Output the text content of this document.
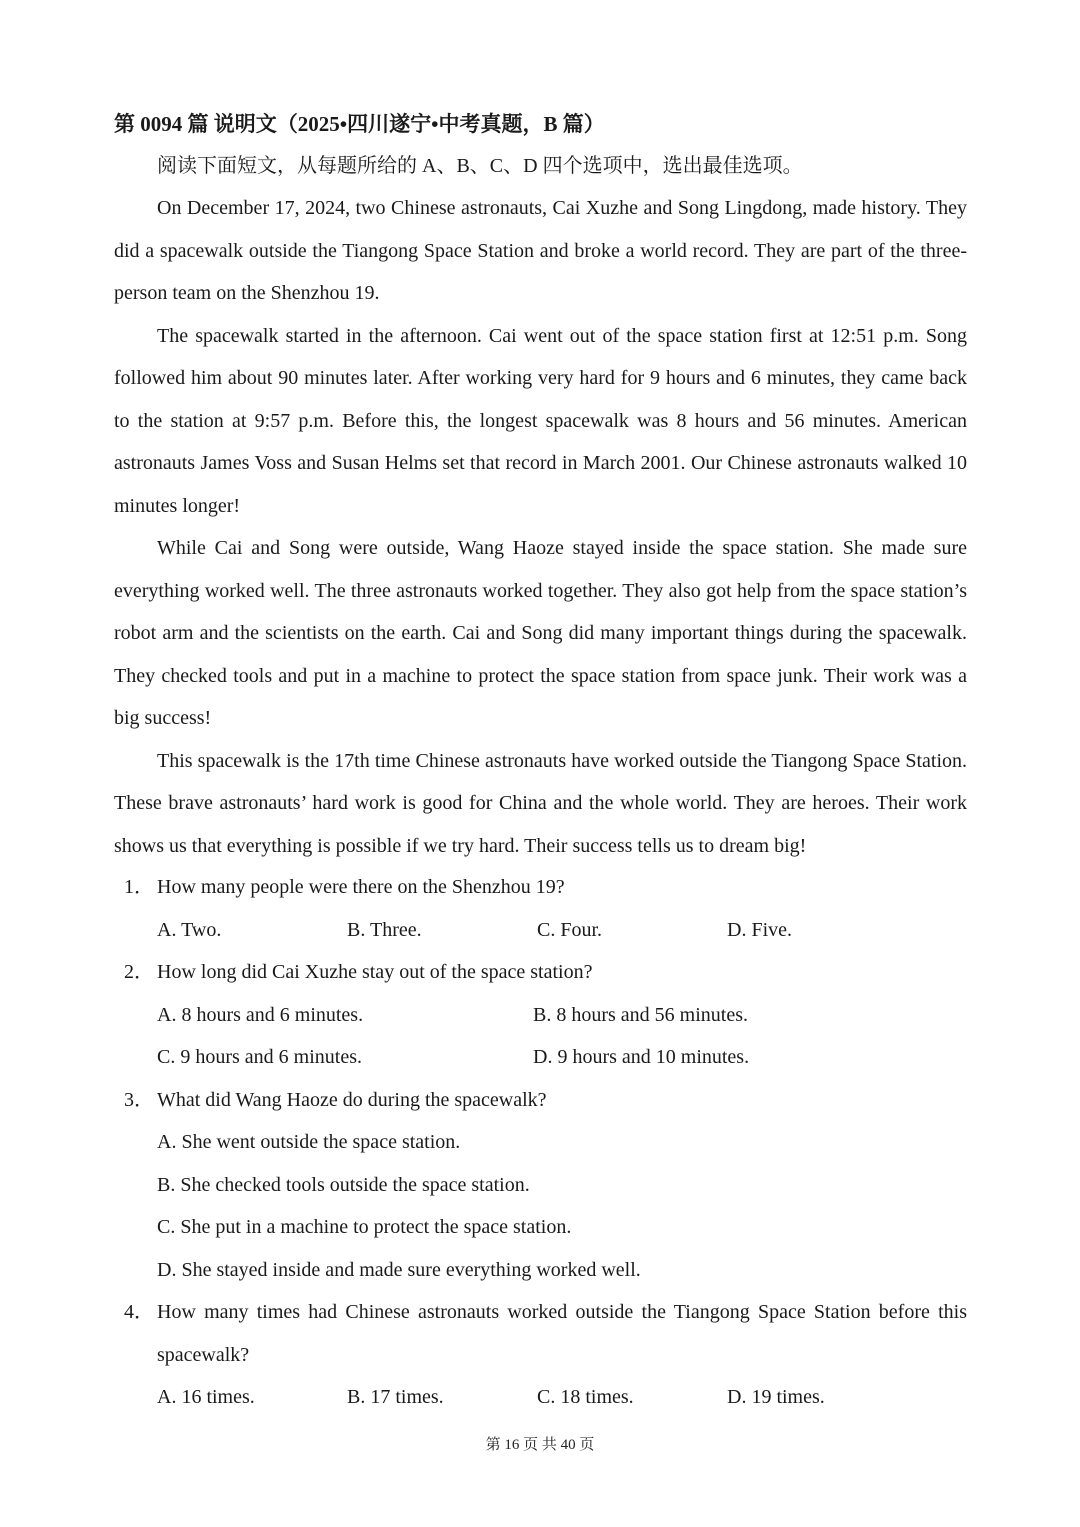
第 0094 篇 说明文（2025•四川遂宁•中考真题，B 篇）
阅读下面短文，从每题所给的 A、B、C、D 四个选项中，选出最佳选项。

On December 17, 2024, two Chinese astronauts, Cai Xuzhe and Song Lingdong, made history. They did a spacewalk outside the Tiangong Space Station and broke a world record. They are part of the three-person team on the Shenzhou 19.

The spacewalk started in the afternoon. Cai went out of the space station first at 12:51 p.m. Song followed him about 90 minutes later. After working very hard for 9 hours and 6 minutes, they came back to the station at 9:57 p.m. Before this, the longest spacewalk was 8 hours and 56 minutes. American astronauts James Voss and Susan Helms set that record in March 2001. Our Chinese astronauts walked 10 minutes longer!

While Cai and Song were outside, Wang Haoze stayed inside the space station. She made sure everything worked well. The three astronauts worked together. They also got help from the space station’s robot arm and the scientists on the earth. Cai and Song did many important things during the spacewalk. They checked tools and put in a machine to protect the space station from space junk. Their work was a big success!

This spacewalk is the 17th time Chinese astronauts have worked outside the Tiangong Space Station. These brave astronauts’ hard work is good for China and the whole world. They are heroes. Their work shows us that everything is possible if we try hard. Their success tells us to dream big!

1． How many people were there on the Shenzhou 19?
A. Two.	B. Three.	C. Four.	D. Five.
2． How long did Cai Xuzhe stay out of the space station?
A. 8 hours and 6 minutes.	B. 8 hours and 56 minutes.
C. 9 hours and 6 minutes.	D. 9 hours and 10 minutes.
3． What did Wang Haoze do during the spacewalk?
A. She went outside the space station.
B. She checked tools outside the space station.
C. She put in a machine to protect the space station.
D. She stayed inside and made sure everything worked well.
4． How many times had Chinese astronauts worked outside the Tiangong Space Station before this spacewalk?
A. 16 times.	B. 17 times.	C. 18 times.	D. 19 times.
第 16 页 共 40 页
